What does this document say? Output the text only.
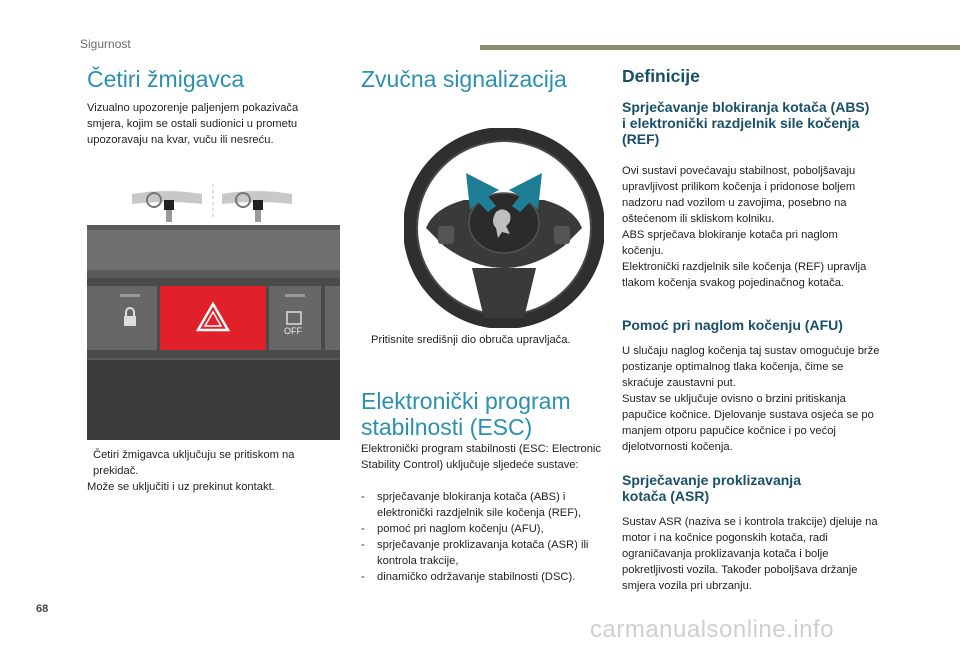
Sigurnost
Četiri žmigavca
Vizualno upozorenje paljenjem pokazivača smjera, kojim se ostali sudionici u prometu upozoravaju na kvar, vuču ili nesreću.
OFF
Četiri žmigavca uključuju se pritiskom na prekidač.
Može se uključiti i uz prekinut kontakt.
Zvučna signalizacija
Pritisnite središnji dio obruča upravljača.
Elektronički program
stabilnosti (ESC)
Elektronički program stabilnosti (ESC: Electronic Stability Control) uključuje sljedeće sustave:
-	sprječavanje blokiranja kotača (ABS) i elektronički razdjelnik sile kočenja (REF),
-	pomoć pri naglom kočenju (AFU),
-	sprječavanje proklizavanja kotača (ASR) ili kontrola trakcije,
-	dinamičko održavanje stabilnosti (DSC).
Definicije
Sprječavanje blokiranja kotača (ABS) i elektronički razdjelnik sile kočenja (REF)
Ovi sustavi povećavaju stabilnost, poboljšavaju upravljivost prilikom kočenja i pridonose boljem nadzoru nad vozilom u zavojima, posebno na oštećenom ili skliskom kolniku.
ABS sprječava blokiranje kotača pri naglom kočenju.
Elektronički razdjelnik sile kočenja (REF) upravlja tlakom kočenja svakog pojedinačnog kotača.
Pomoć pri naglom kočenju (AFU)
U slučaju naglog kočenja taj sustav omogućuje brže postizanje optimalnog tlaka kočenja, čime se skraćuje zaustavni put.
Sustav se uključuje ovisno o brzini pritiskanja papučice kočnice. Djelovanje sustava osjeća se po manjem otporu papučice kočnice i po većoj djelotvornosti kočenja.
Sprječavanje proklizavanja kotača (ASR)
Sustav ASR (naziva se i kontrola trakcije) djeluje na motor i na kočnice pogonskih kotača, radi ograničavanja proklizavanja kotača i bolje pokretljivosti vozila. Također poboljšava držanje smjera vozila pri ubrzanju.
68
carmanualsonline.info
